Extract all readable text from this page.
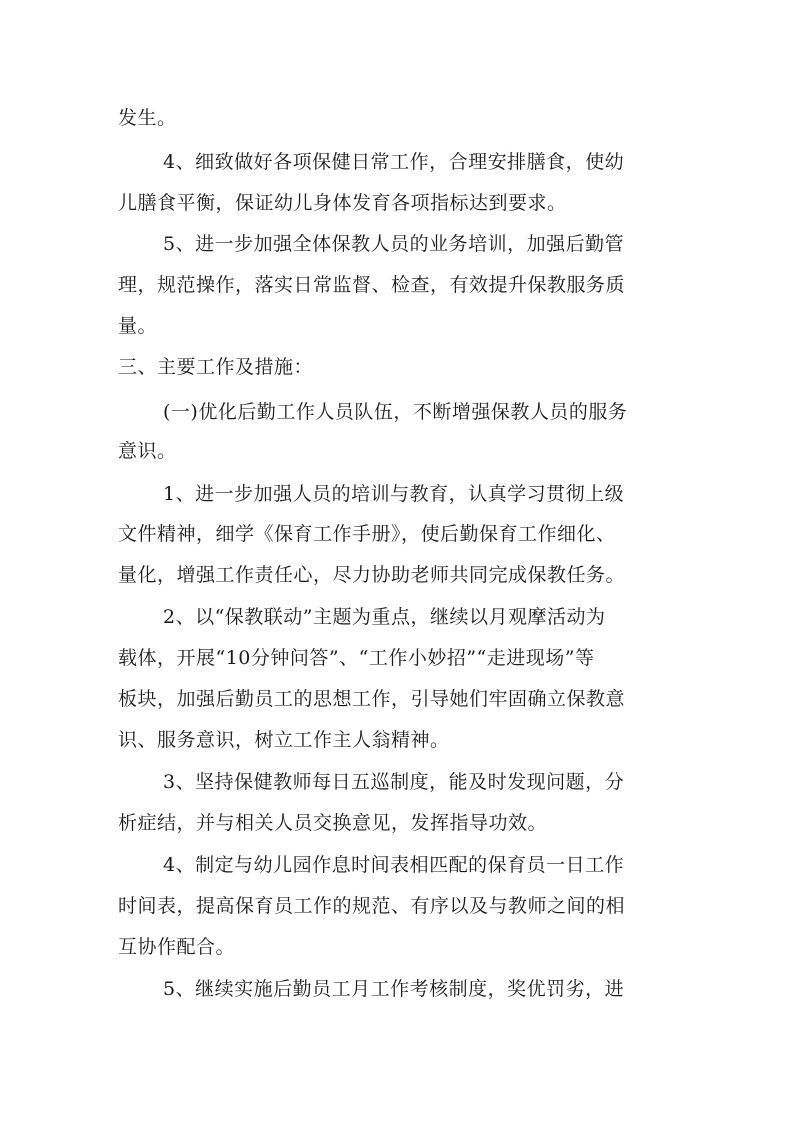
发生。
4、细致做好各项保健日常工作，合理安排膳食，使幼
儿膳食平衡，保证幼儿身体发育各项指标达到要求。
5、进一步加强全体保教人员的业务培训，加强后勤管
理，规范操作，落实日常监督、检查，有效提升保教服务质
量。
三、主要工作及措施：
(一)优化后勤工作人员队伍，不断增强保教人员的服务
意识。
1、进一步加强人员的培训与教育，认真学习贯彻上级
文件精神，细学《保育工作手册》，使后勤保育工作细化、
量化，增强工作责任心，尽力协助老师共同完成保教任务。
2、以“保教联动”主题为重点，继续以月观摩活动为
载体，开展“10分钟问答”、“工作小妙招”“走进现场”等
板块，加强后勤员工的思想工作，引导她们牢固确立保教意
识、服务意识，树立工作主人翁精神。
3、坚持保健教师每日五巡制度，能及时发现问题，分
析症结，并与相关人员交换意见，发挥指导功效。
4、制定与幼儿园作息时间表相匹配的保育员一日工作
时间表，提高保育员工作的规范、有序以及与教师之间的相
互协作配合。
5、继续实施后勤员工月工作考核制度，奖优罚劣，进
